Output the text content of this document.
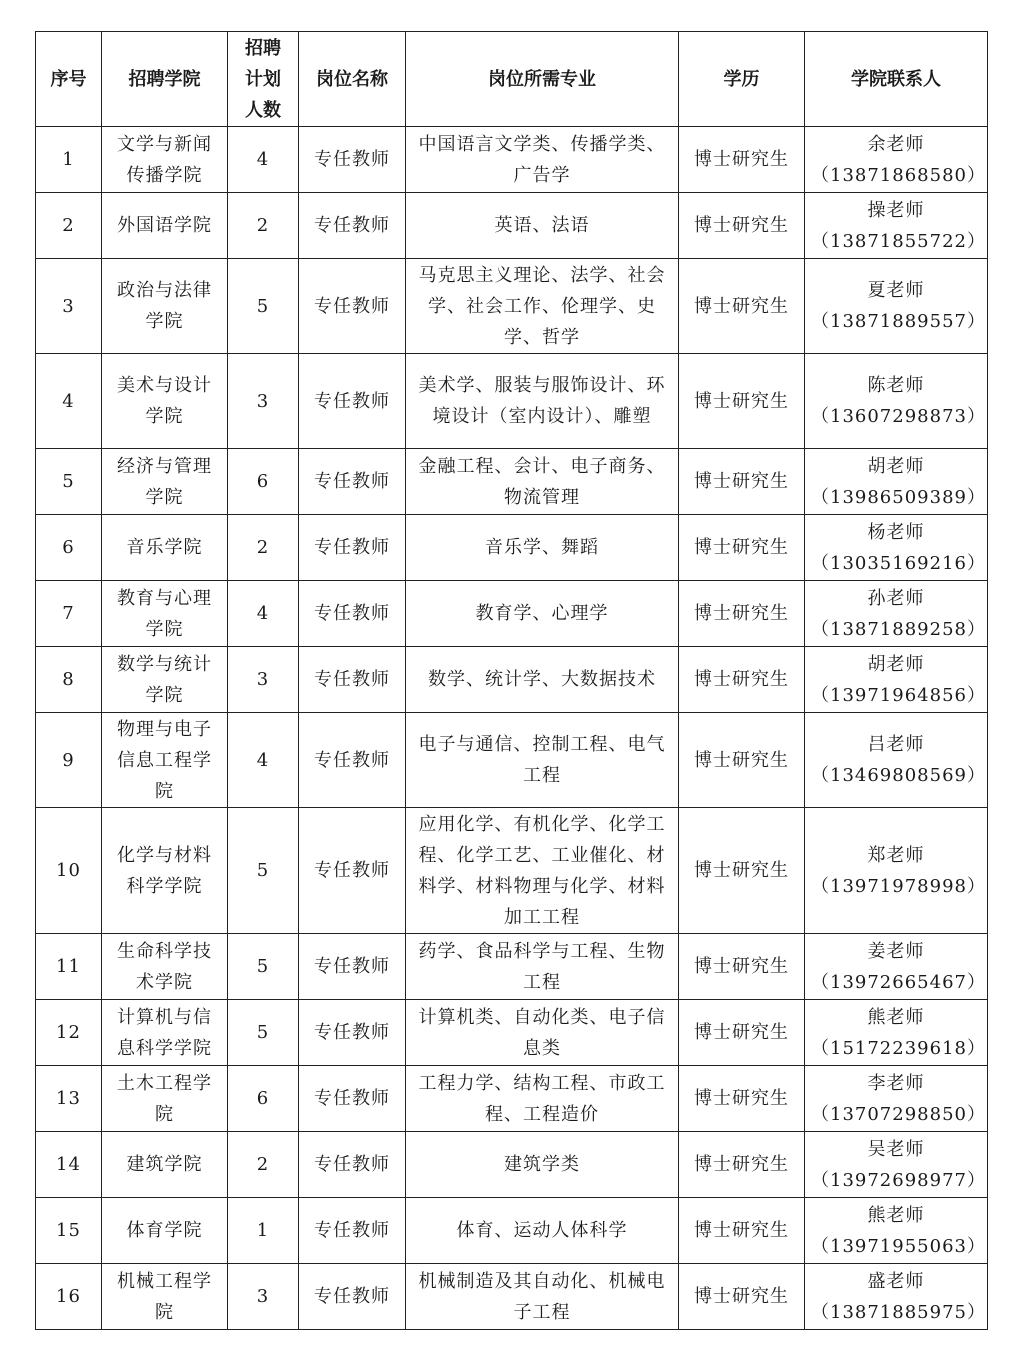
序号	招聘学院	招聘计划人数	岗位名称	岗位所需专业	学历	学院联系人
1	文学与新闻传播学院	4	专任教师	中国语言文学类、传播学类、广告学	博士研究生	余老师
（13871868580）

2	外国语学院	2	专任教师	英语、法语	博士研究生	操老师
（13871855722）

3	政治与法律学院	5	专任教师	马克思主义理论、法学、社会学、社会工作、伦理学、史学、哲学	博士研究生	夏老师
（13871889557）

4	美术与设计学院	3	专任教师	美术学、服装与服饰设计、环境设计（室内设计）、雕塑	博士研究生	陈老师
（13607298873）

5	经济与管理学院	6	专任教师	金融工程、会计、电子商务、物流管理	博士研究生	胡老师
（13986509389）

6	音乐学院	2	专任教师	音乐学、舞蹈	博士研究生	杨老师
（13035169216）

7	教育与心理学院	4	专任教师	教育学、心理学	博士研究生	孙老师
（13871889258）

8	数学与统计学院	3	专任教师	数学、统计学、大数据技术	博士研究生	胡老师
（13971964856）

9	物理与电子信息工程学院	4	专任教师	电子与通信、控制工程、电气工程	博士研究生	吕老师
（13469808569）

10	化学与材料科学学院	5	专任教师	应用化学、有机化学、化学工程、化学工艺、工业催化、材料学、材料物理与化学、材料加工工程	博士研究生	郑老师
（13971978998）

11	生命科学技术学院	5	专任教师	药学、食品科学与工程、生物工程	博士研究生	姜老师
（13972665467）

12	计算机与信息科学学院	5	专任教师	计算机类、自动化类、电子信息类	博士研究生	熊老师
（15172239618）

13	土木工程学院	6	专任教师	工程力学、结构工程、市政工程、工程造价	博士研究生	李老师
（13707298850）

14	建筑学院	2	专任教师	建筑学类	博士研究生	吴老师
（13972698977）

15	体育学院	1	专任教师	体育、运动人体科学	博士研究生	熊老师
（13971955063）

16	机械工程学院	3	专任教师	机械制造及其自动化、机械电子工程	博士研究生	盛老师
（13871885975）
